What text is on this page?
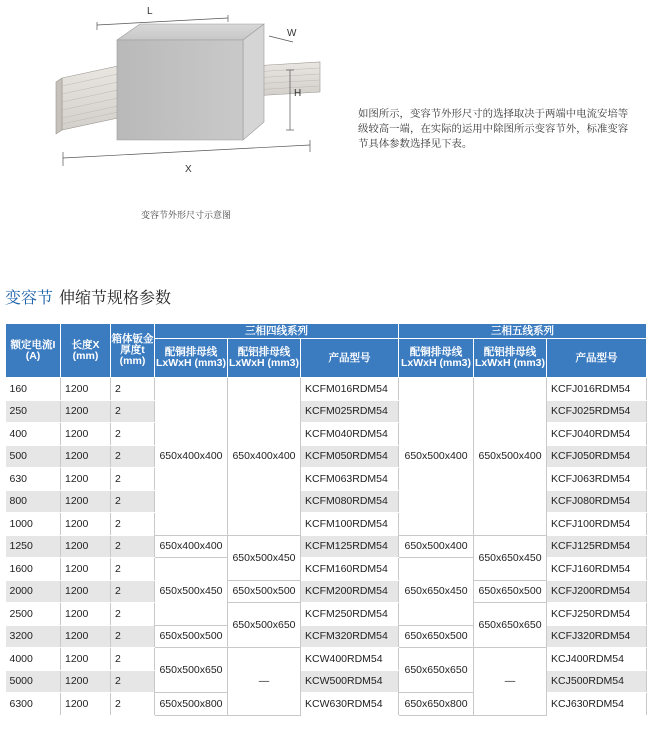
L
W
H
X
变容节外形尺寸示意图
如图所示，变容节外形尺寸的选择取决于两端中电流安培等级较高一端，在实际的运用中除图所示变容节外，标准变容节具体参数选择见下表。
变容节 伸缩节规格参数
额定电流I (A)	长度X (mm)	箱体钣金厚度t (mm)	三相四线系列			三相五线系列		
			配铜排母线 LxWxH (mm3)	配铝排母线 LxWxH (mm3)	产品型号	配铜排母线 LxWxH (mm3)	配铝排母线 LxWxH (mm3)	产品型号
160	1200	2	650x400x400	650x400x400	KCFM016RDM54	650x500x400	650x500x400	KCFJ016RDM54
250	1200	2			KCFM025RDM54			KCFJ025RDM54
400	1200	2			KCFM040RDM54			KCFJ040RDM54
500	1200	2			KCFM050RDM54			KCFJ050RDM54
630	1200	2			KCFM063RDM54			KCFJ063RDM54
800	1200	2			KCFM080RDM54			KCFJ080RDM54
1000	1200	2			KCFM100RDM54			KCFJ100RDM54
1250	1200	2	650x400x400	650x500x450	KCFM125RDM54	650x500x400	650x650x450	KCFJ125RDM54
1600	1200	2	650x500x450		KCFM160RDM54	650x650x450		KCFJ160RDM54
2000	1200	2		650x500x500	KCFM200RDM54		650x650x500	KCFJ200RDM54
2500	1200	2		650x500x650	KCFM250RDM54		650x650x650	KCFJ250RDM54
3200	1200	2	650x500x500		KCFM320RDM54	650x650x500		KCFJ320RDM54
4000	1200	2	650x500x650	—	KCW400RDM54	650x650x650	—	KCJ400RDM54
5000	1200	2			KCW500RDM54			KCJ500RDM54
6300	1200	2	650x500x800		KCW630RDM54	650x650x800		KCJ630RDM54
